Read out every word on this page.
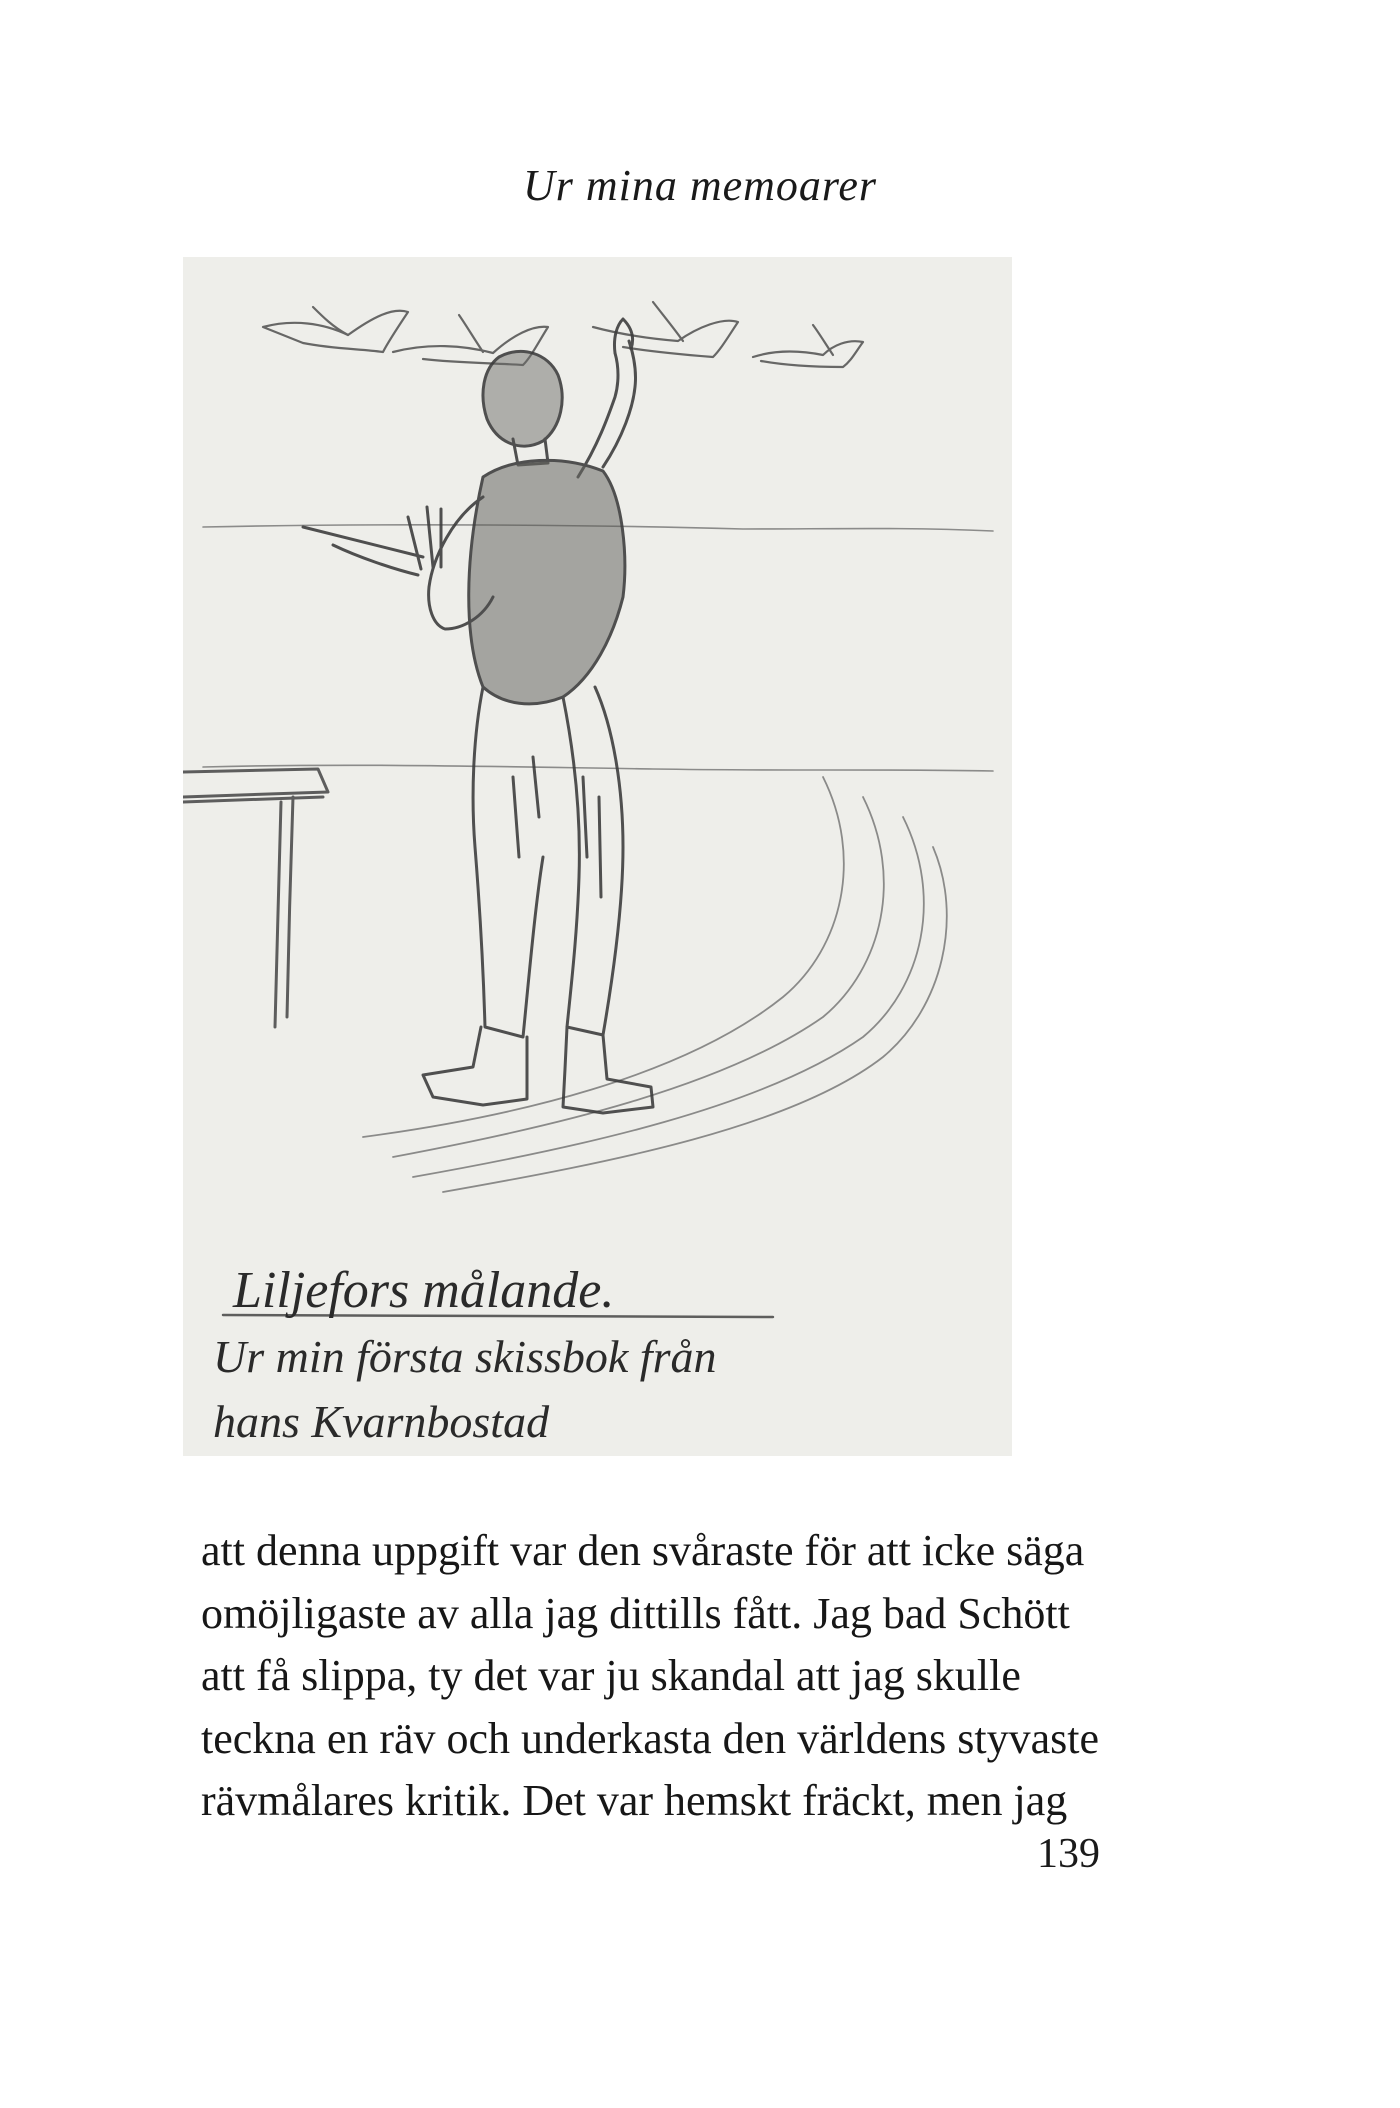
Ur mina memoarer
Liljefors målande.
Ur min första skissbok från
hans Kvarnbostad
att denna uppgift var den svåraste för att icke säga
omöjligaste av alla jag dittills fått. Jag bad Schött
att få slippa, ty det var ju skandal att jag skulle
teckna en räv och underkasta den världens styvaste
rävmålares kritik. Det var hemskt fräckt, men jag
139
